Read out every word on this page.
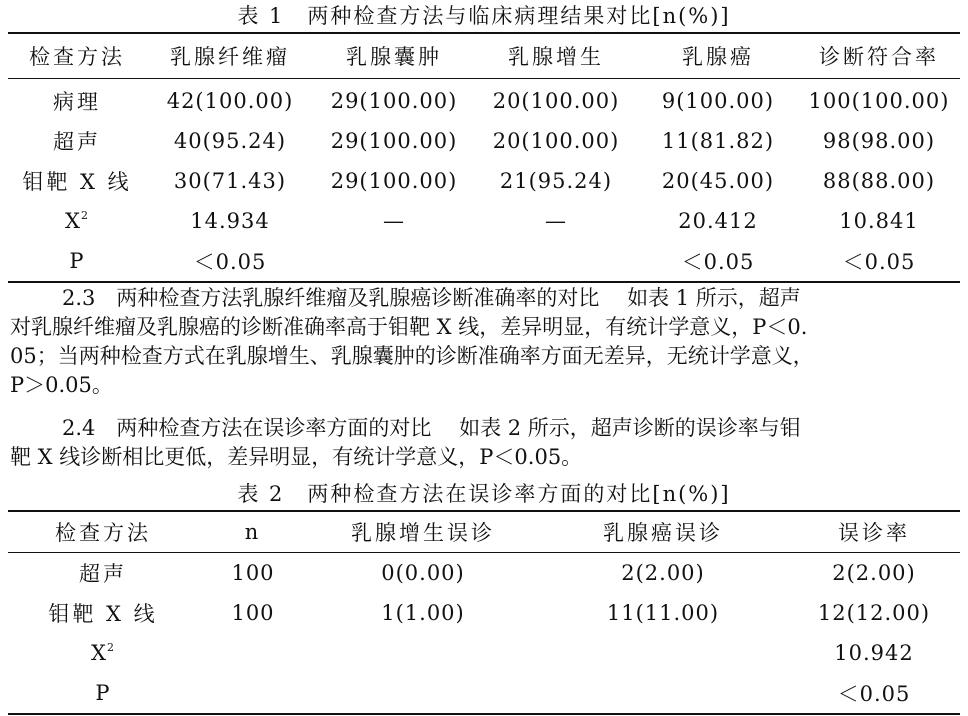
表 1　两种检查方法与临床病理结果对比[n(%)]
检查方法	乳腺纤维瘤	乳腺囊肿	乳腺增生	乳腺癌	诊断符合率
病理	42(100.00)	29(100.00)	20(100.00)	9(100.00)	100(100.00)
超声	40(95.24)	29(100.00)	20(100.00)	11(81.82)	98(98.00)
钼靶 X 线	30(71.43)	29(100.00)	21(95.24)	20(45.00)	88(88.00)
$X^2$	14.934	—	—	20.412	10.841
P	＜0.05			＜0.05	＜0.05
2.3　 两种检查方法乳腺纤维瘤及乳腺癌诊断准确率的对比　 如表 1 所示，超声
对乳腺纤维瘤及乳腺癌的诊断准确率高于钼靶 X 线，差异明显，有统计学意义，P＜0.
05；当两种检查方式在乳腺增生、乳腺囊肿的诊断准确率方面无差异，无统计学意义，
P＞0.05。
2.4　 两种检查方法在误诊率方面的对比　 如表 2 所示，超声诊断的误诊率与钼
靶 X 线诊断相比更低，差异明显，有统计学意义，P＜0.05。
表 2　两种检查方法在误诊率方面的对比[n(%)]
检查方法	n	乳腺增生误诊	乳腺癌误诊	误诊率
超声	100	0(0.00)	2(2.00)	2(2.00)
钼靶 X 线	100	1(1.00)	11(11.00)	12(12.00)
$X^2$				10.942
P				＜0.05
